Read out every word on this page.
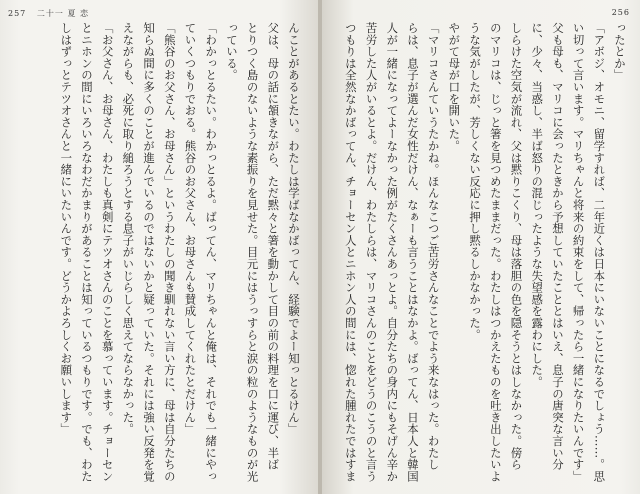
257 二十一 夏 恋
んことがあるとたい。わたしは学ばなかばってん、経験でよー知っとるけん」
父は、母の話に頷きながら、ただ黙々と箸を動かして目の前の料理を口に運び、半ば
とりつく島のないような素振りを見せた。目元にはうっすらと涙の粒のようなものが光
っている。
「わかっとるたい。わかっとるよ。ばってん、マリちゃんと俺は、それでも一緒にやっ
ていくつもりでおる。熊谷のお父さん、お母さんも賛成してくれたとだけん」
「熊谷のお父さん、お母さん」というわたしの聞き馴れない言い方に、母は自分たちの
知らぬ間に多くのことが進んでいるのではないかと疑っていた。それには強い反発を覚
えながらも、必死に取り縋ろうとする息子がいじらしく思えてならなかった。
「お父さん、お母さん、わたしも真剣にテツオさんのことを慕っています。チョーセン
とニホンの間にいろいろなわだかまりがあることは知っているつもりです。でも、わた
しはずっとテツオさんと一緒にいたいんです。どうかよろしくお願いします」
256
ったとか」
「アボジ、オモニ、留学すれば、二年近くは日本にいないことになるでしょう……。思
い切って言います。マリちゃんと将来の約束をして、帰ったら一緒になりたいんです」
父も母も、マリコに会ったときから予想していたこととはいえ、息子の唐突な言い分
に、少々、当惑し、半ば怒りの混じったような失望感を露わにした。
しらけた空気が流れ、父は黙りこくり、母は落胆の色を隠そうとはしなかった。傍ら
のマリコは、じっと箸を見つめたままだった。わたしはつかえたものを吐き出したいよ
うな気がしたが、芳しくない反応に押し黙るしかなかった。
やがて母が口を開いた。
「マリコさんていうたかね。ほんなこつご苦労さんなことでよう来なはった。わたし
らは、息子が選んだ女性だけん、なぁーも言うことはなかよ。ばってん、日本人と韓国
人が一緒になってよーなかった例がたくさんあっとよ。自分たちの身内にもそげん辛か
苦労した人がいるとよ。だけん、わたしらは、マリコさんのことをどうのこうのと言う
つもりは全然なかばってん、チョーセン人とニホン人の間には、惚れた腫れたではすま
